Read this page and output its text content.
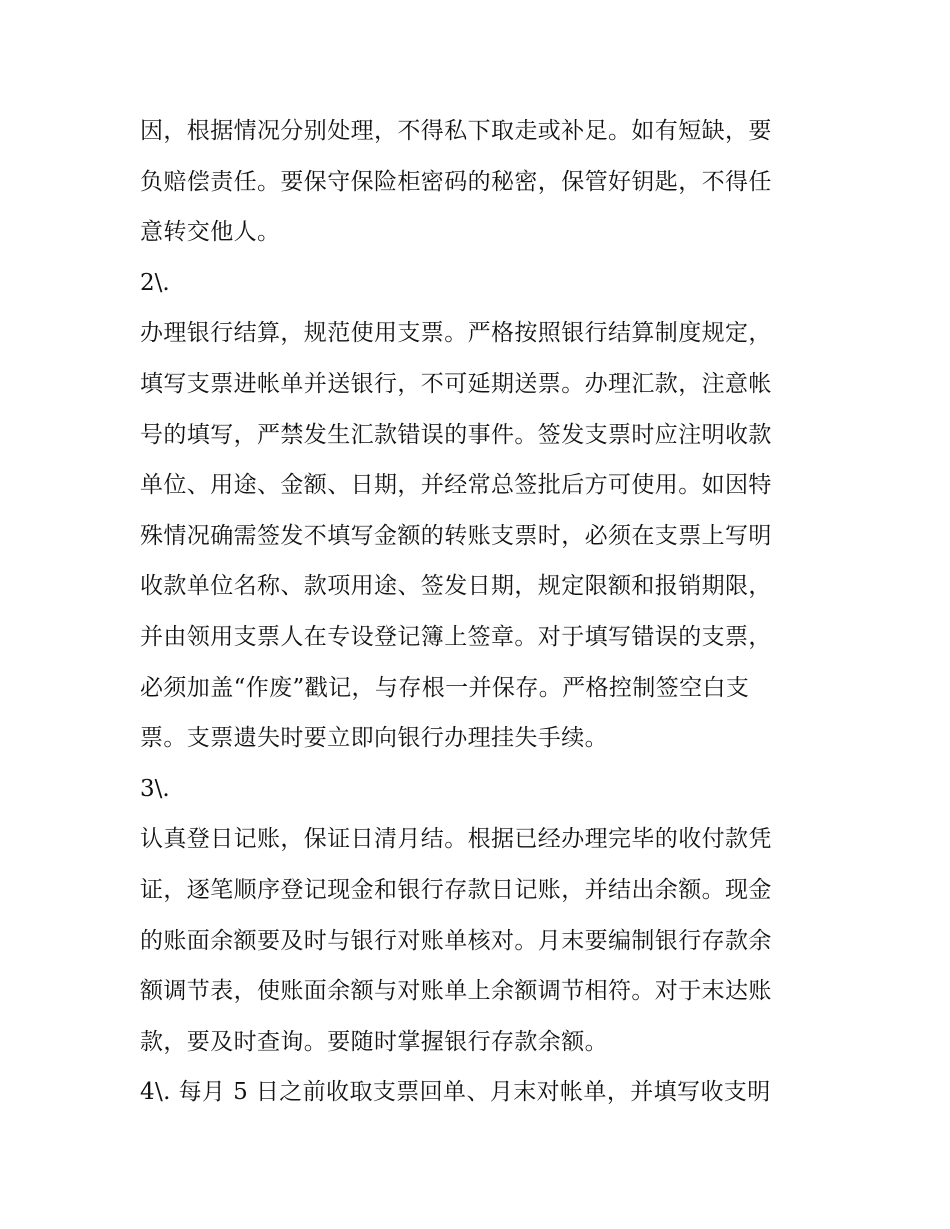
因，根据情况分别处理，不得私下取走或补足。如有短缺，要
负赔偿责任。要保守保险柜密码的秘密，保管好钥匙，不得任
意转交他人。
2\.
办理银行结算，规范使用支票。严格按照银行结算制度规定，
填写支票进帐单并送银行，不可延期送票。办理汇款，注意帐
号的填写，严禁发生汇款错误的事件。签发支票时应注明收款
单位、用途、金额、日期，并经常总签批后方可使用。如因特
殊情况确需签发不填写金额的转账支票时，必须在支票上写明
收款单位名称、款项用途、签发日期，规定限额和报销期限，
并由领用支票人在专设登记簿上签章。对于填写错误的支票，
必须加盖“作废”戳记，与存根一并保存。严格控制签空白支
票。支票遗失时要立即向银行办理挂失手续。
3\.
认真登日记账，保证日清月结。根据已经办理完毕的收付款凭
证，逐笔顺序登记现金和银行存款日记账，并结出余额。现金
的账面余额要及时与银行对账单核对。月末要编制银行存款余
额调节表，使账面余额与对账单上余额调节相符。对于末达账
款，要及时查询。要随时掌握银行存款余额。
4\. 每月 5 日之前收取支票回单、月末对帐单，并填写收支明
